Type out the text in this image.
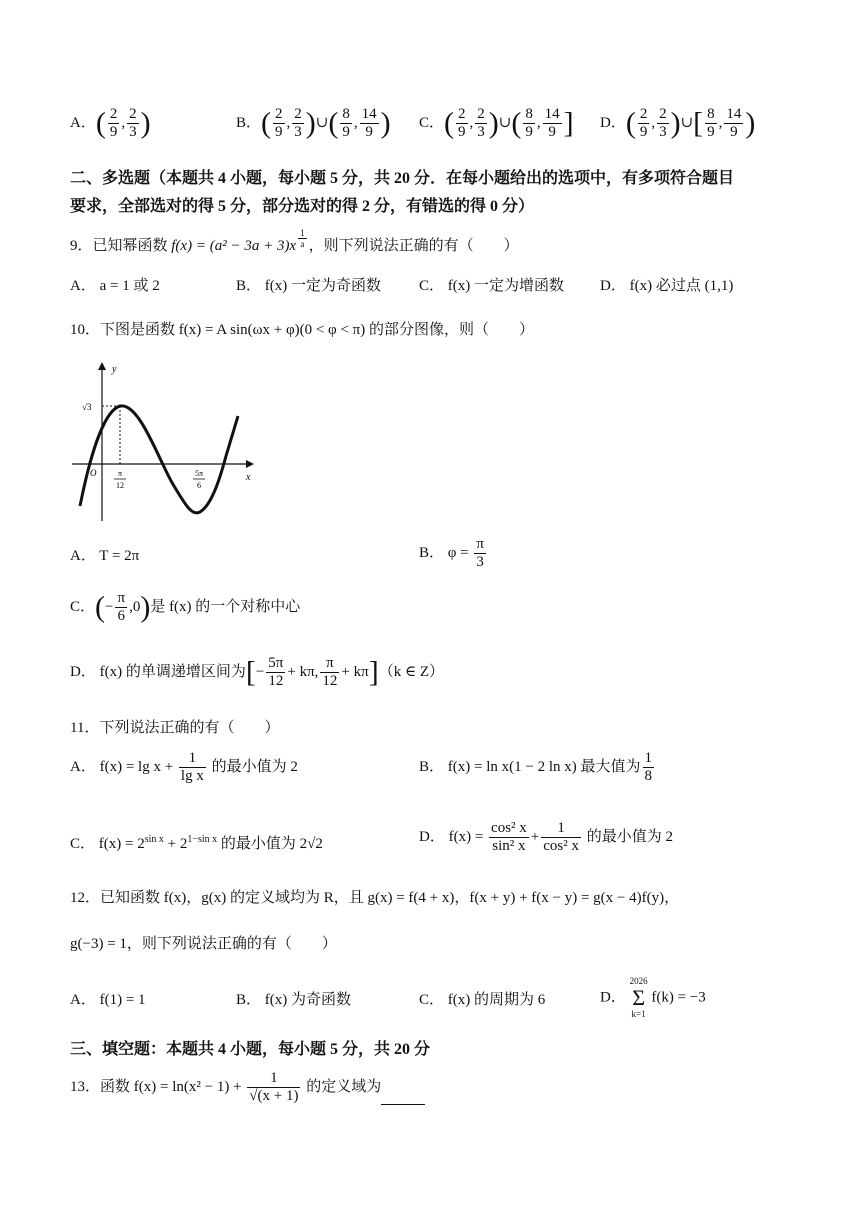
A．( $\frac{2}{9}$ , $\frac{2}{3}$ )	B．( $\frac{2}{9}$ , $\frac{2}{3}$ )∪( $\frac{8}{9}$ , $\frac{14}{9}$ ) C．( $\frac{2}{9}$ , $\frac{2}{3}$ )∪( $\frac{8}{9}$ , $\frac{14}{9}$ ] D．( $\frac{2}{9}$ , $\frac{2}{3}$ )∪[ $\frac{8}{9}$ , $\frac{14}{9}$ )
二、多选题（本题共 4 小题，每小题 5 分，共 20 分．在每小题给出的选项中，有多项符合题目
要求，全部选对的得 5 分，部分选对的得 2 分，有错选的得 0 分）
9．已知幂函数 $f(x) = (a^2 - 3a + 3)x \frac{1}{a}$ ，则下列说法正确的有（　　）
A． a = 1 或 2	B． f(x) 一定为奇函数	C． f(x) 一定为增函数 D． f(x) 必过点 (1,1)
10．下图是函数 f(x) = A sin(ωx + φ)(0 < φ < π) 的部分图像，则（　　）
y
x
O
√3
π
12
5π
6
A． T = 2π	B． $\varphi = \frac{\pi}{3}$
C．(− $\frac{\pi}{6} ,0$)是 f(x) 的一个对称中心
D． f(x) 的单调递增区间为[− $\frac{5\pi}{12} + k\pi$, $\frac{\pi}{12} + k\pi](k$ ∈ Z）
11．下列说法正确的有（　　）
A． $f(x) = \lg x + \frac{1}{\text{lg x}}$ 的最小值为 2	B． f(x) = ln x(1 − 2 ln x) 最大值为 $\frac{1}{8}$
C． $f(x) = 2^{sin x} + 2^{1-sin x}$ 的最小值为 2√2	D． $f(x) = \frac{\text{cos² x}}{\text{sin² x}} + \frac{1}{\text{cos² x}}$ 的最小值为 2
12．已知函数 f(x)，g(x) 的定义域均为 R，且 g(x) = f(4 + x)，f(x + y) + f(x − y) = g(x − 4)f(y)，
g(−3) = 1，则下列说法正确的有（　　）
A． f(1) = 1	B． f(x) 为奇函数	C． f(x) 的周期为 6	D．
2026
Σ
k=1
f(k) = −3
三、填空题：本题共 4 小题，每小题 5 分，共 20 分
13．函数 $f(x) = \ln(x^2 - 1) + \frac{1}{√(x + 1)}$ 的定义域为
